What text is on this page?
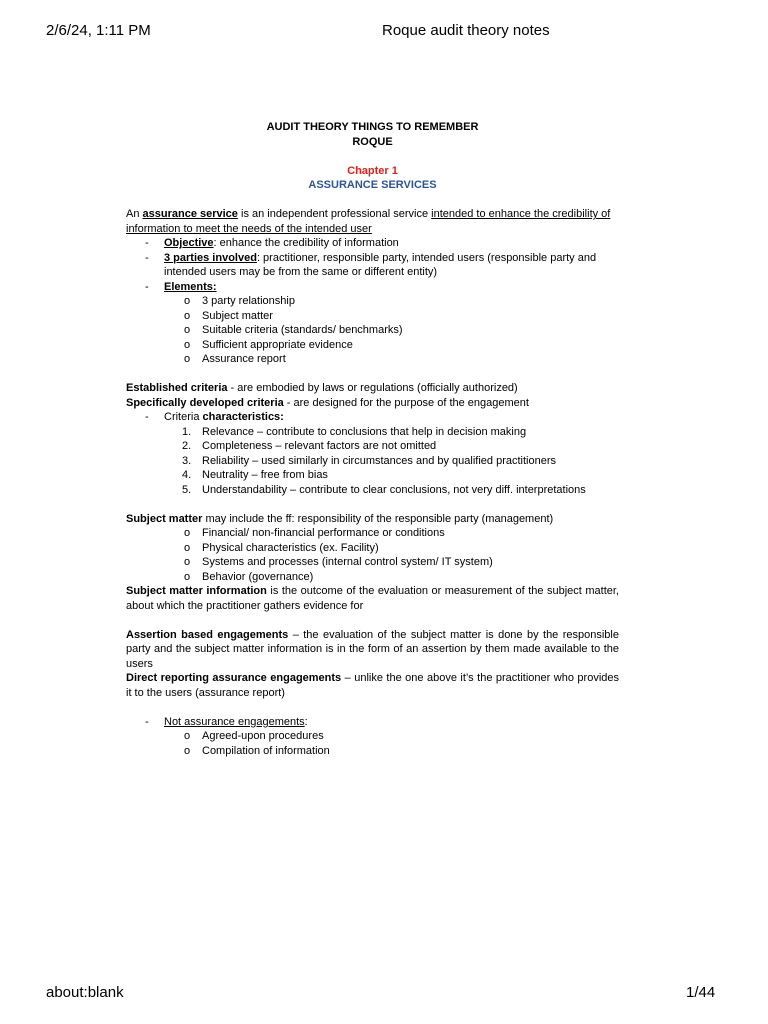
2/6/24, 1:11 PM	Roque audit theory notes
AUDIT THEORY THINGS TO REMEMBER
ROQUE
Chapter 1
ASSURANCE SERVICES
An assurance service is an independent professional service intended to enhance the credibility of information to meet the needs of the intended user
- Objective: enhance the credibility of information
- 3 parties involved: practitioner, responsible party, intended users (responsible party and intended users may be from the same or different entity)
- Elements:
o 3 party relationship
o Subject matter
o Suitable criteria (standards/ benchmarks)
o Sufficient appropriate evidence
o Assurance report
Established criteria - are embodied by laws or regulations (officially authorized)
Specifically developed criteria - are designed for the purpose of the engagement
- Criteria characteristics:
1. Relevance – contribute to conclusions that help in decision making
2. Completeness – relevant factors are not omitted
3. Reliability – used similarly in circumstances and by qualified practitioners
4. Neutrality – free from bias
5. Understandability – contribute to clear conclusions, not very diff. interpretations
Subject matter may include the ff: responsibility of the responsible party (management)
o Financial/ non-financial performance or conditions
o Physical characteristics (ex. Facility)
o Systems and processes (internal control system/ IT system)
o Behavior (governance)
Subject matter information is the outcome of the evaluation or measurement of the subject matter, about which the practitioner gathers evidence for
Assertion based engagements – the evaluation of the subject matter is done by the responsible party and the subject matter information is in the form of an assertion by them made available to the users
Direct reporting assurance engagements – unlike the one above it’s the practitioner who provides it to the users (assurance report)
- Not assurance engagements:
o Agreed-upon procedures
o Compilation of information
about:blank	1/44
